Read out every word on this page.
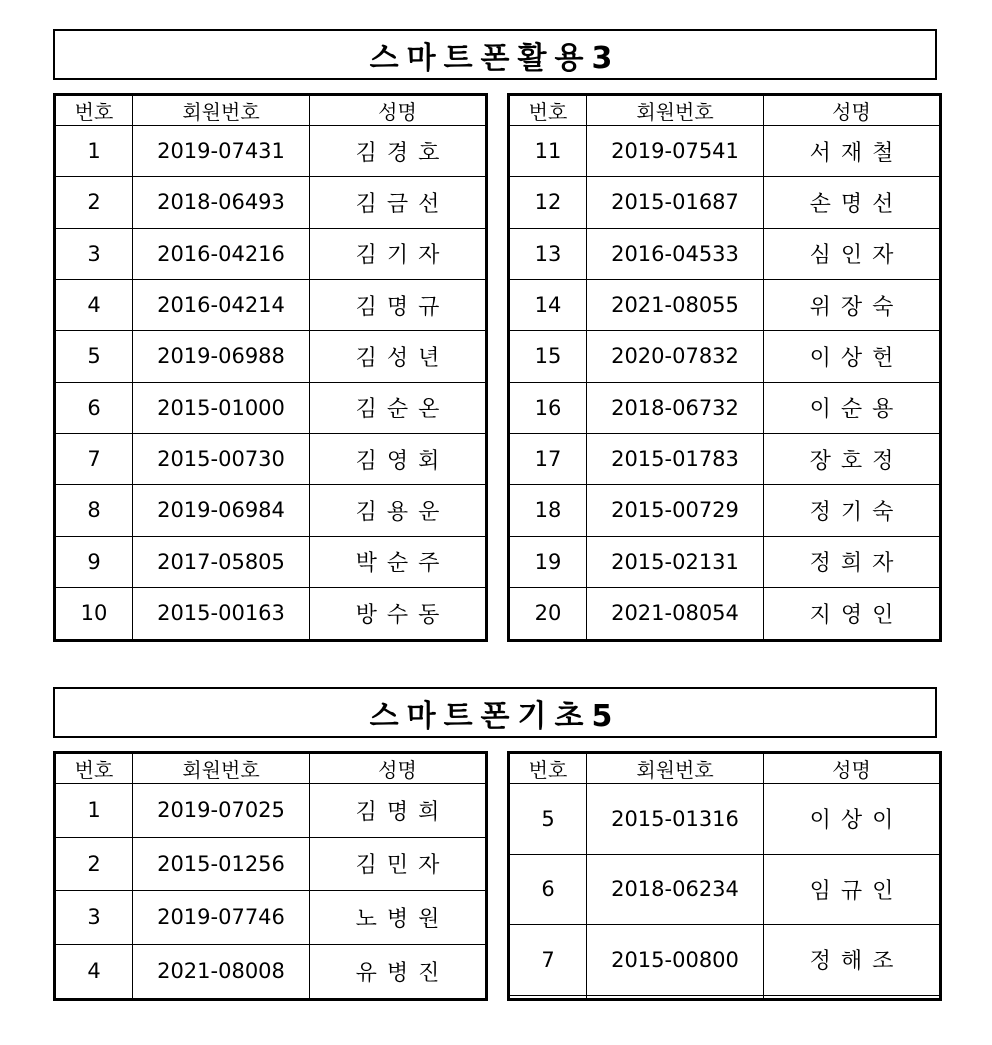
스마트폰활용3
번호	회원번호	성명
1	2019-07431	김경호
2	2018-06493	김금선
3	2016-04216	김기자
4	2016-04214	김명규
5	2019-06988	김성년
6	2015-01000	김순온
7	2015-00730	김영회
8	2019-06984	김용운
9	2017-05805	박순주
10	2015-00163	방수동
번호	회원번호	성명
11	2019-07541	서재철
12	2015-01687	손명선
13	2016-04533	심인자
14	2021-08055	위장숙
15	2020-07832	이상헌
16	2018-06732	이순용
17	2015-01783	장호정
18	2015-00729	정기숙
19	2015-02131	정희자
20	2021-08054	지영인
스마트폰기초5
번호	회원번호	성명
1	2019-07025	김명희
2	2015-01256	김민자
3	2019-07746	노병원
4	2021-08008	유병진
번호	회원번호	성명
5	2015-01316	이상이
6	2018-06234	임규인
7	2015-00800	정해조
